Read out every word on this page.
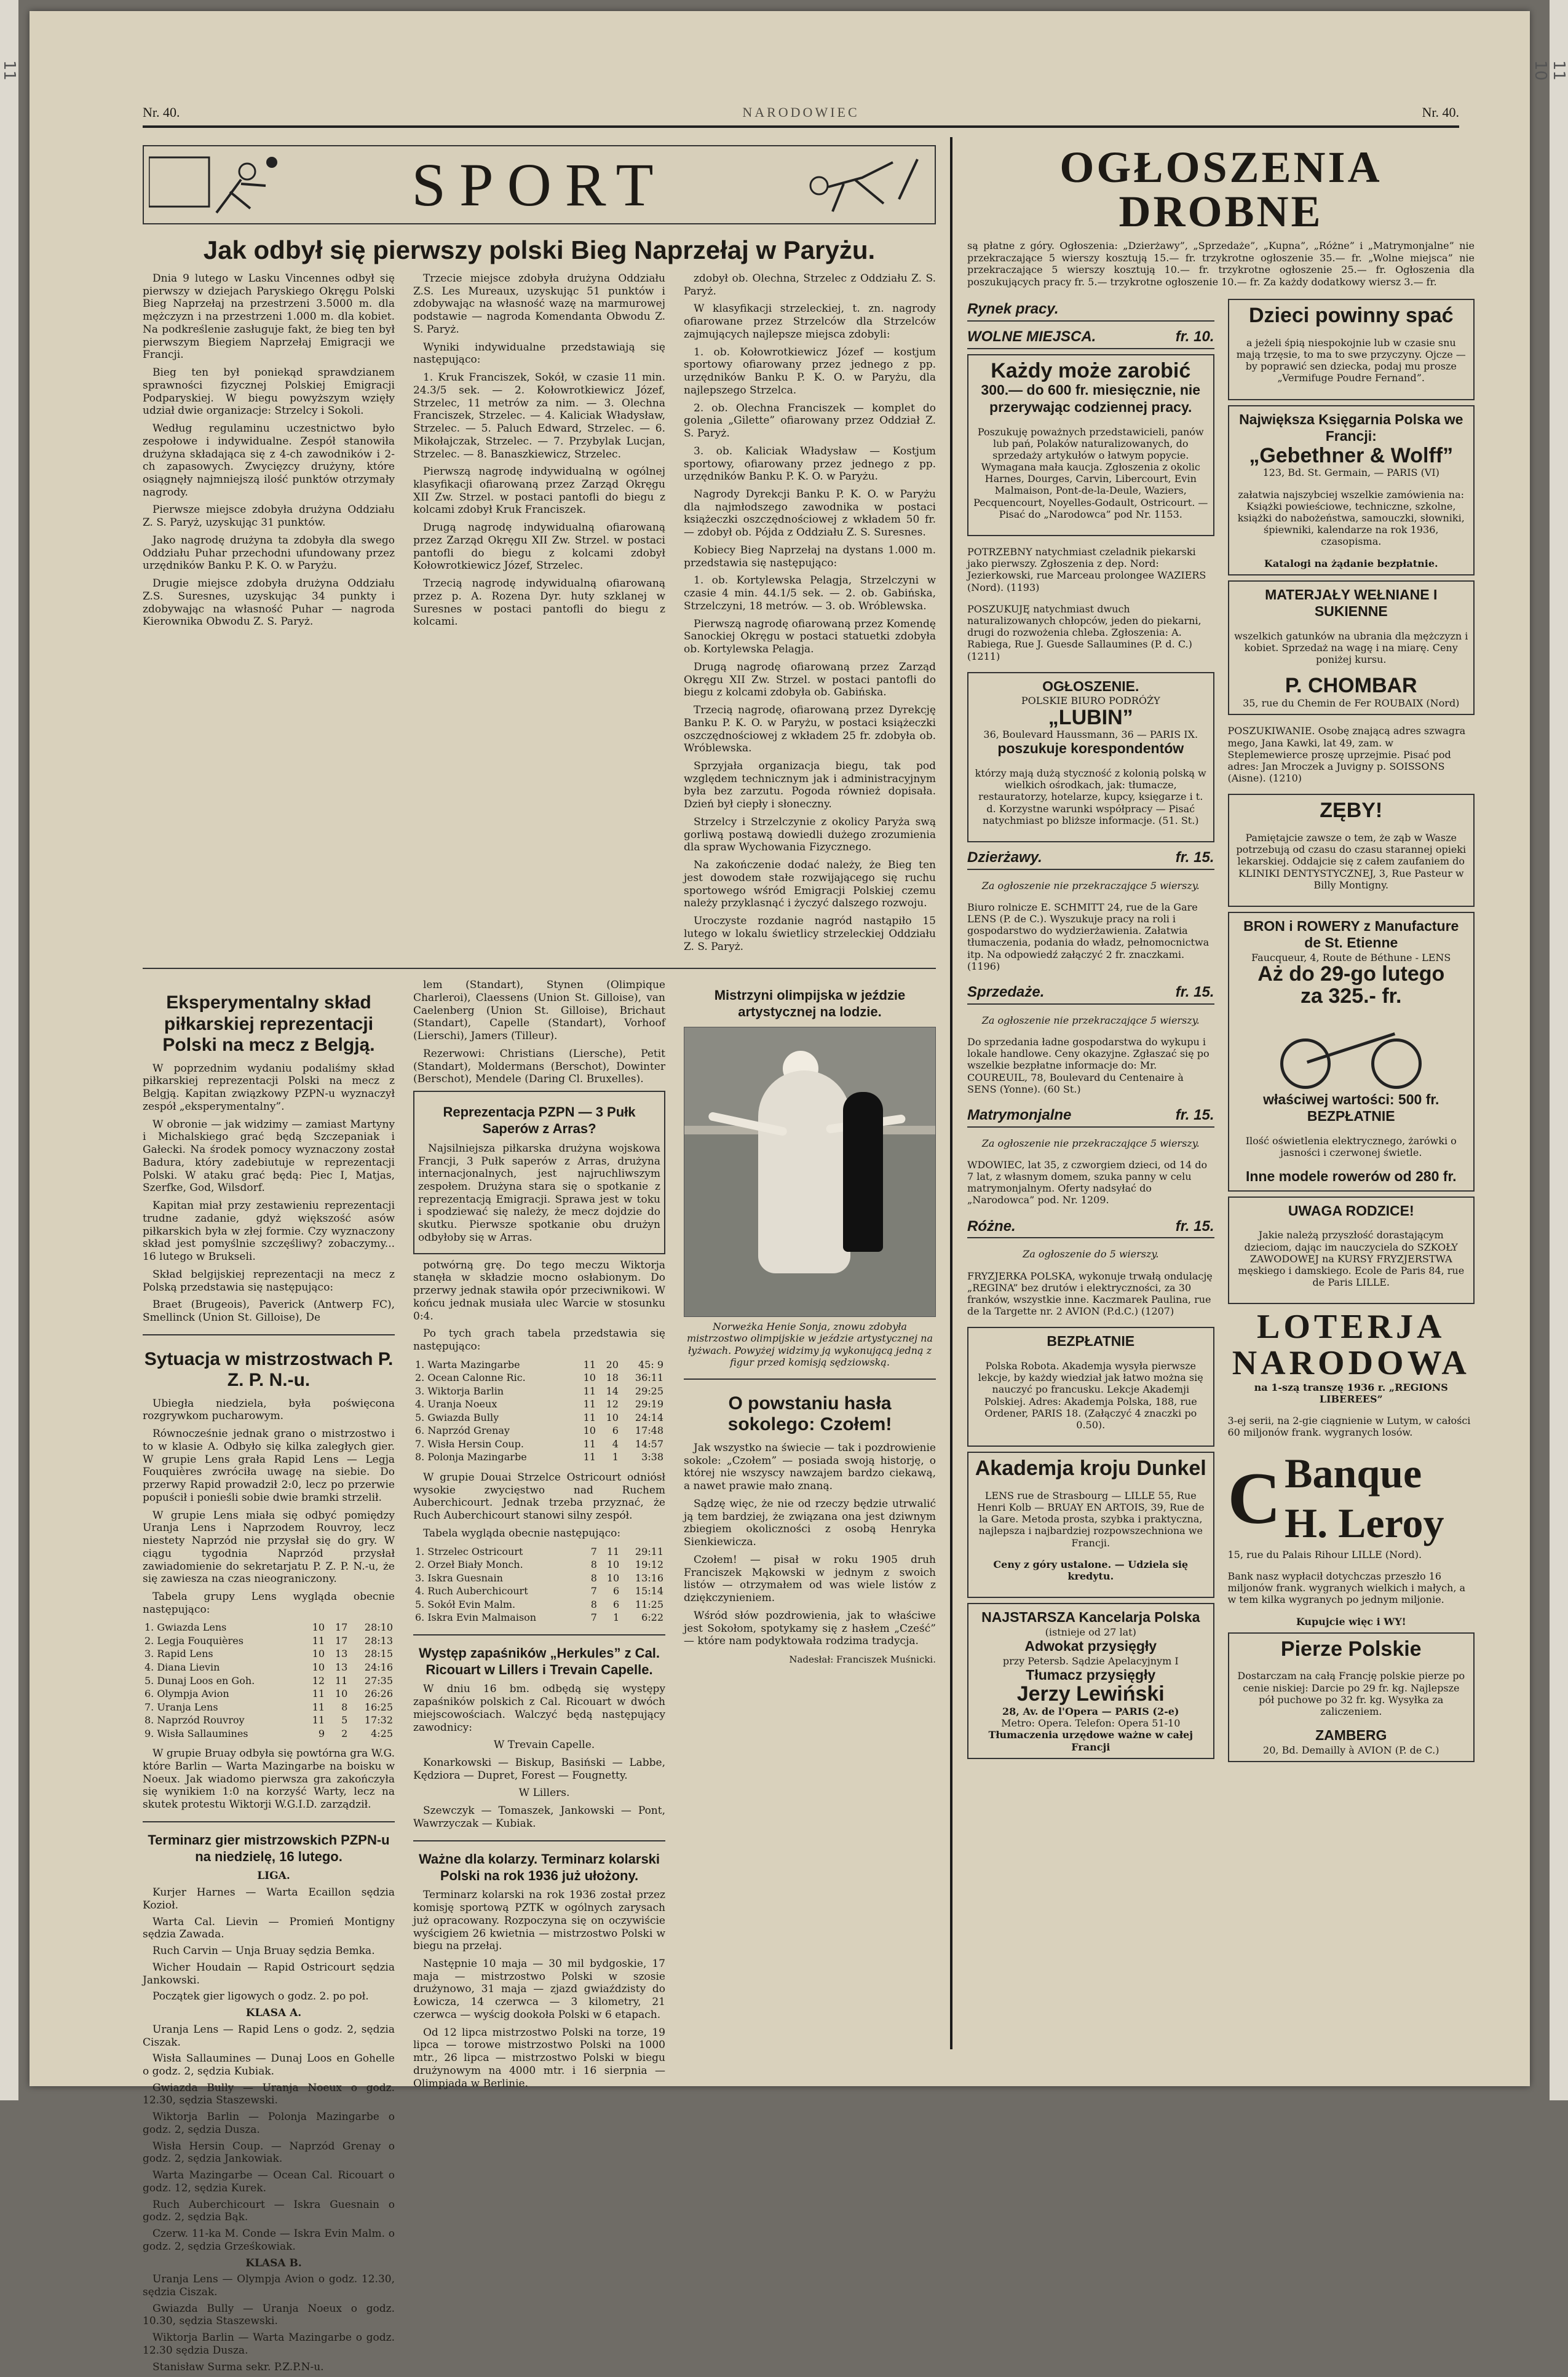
11	11
10
Nr. 40.	NARODOWIEC	Nr. 40.
SPORT
Jak odbył się pierwszy polski Bieg Naprzełaj w Paryżu.

Dnia 9 lutego w Lasku Vincennes odbył się pierwszy w dziejach Paryskiego Okręgu Polski Bieg Naprzełaj na przestrzeni 3.5000 m. dla mężczyzn i na przestrzeni 1.000 m. dla kobiet. Na podkreślenie zasługuje fakt, że bieg ten był pierwszym Biegiem Naprzełaj Emigracji we Francji.

Bieg ten był poniekąd sprawdzianem sprawności fizycznej Polskiej Emigracji Podparyskiej. W biegu powyższym wzięły udział dwie organizacje: Strzelcy i Sokoli.

Według regulaminu uczestnictwo było zespołowe i indywidualne. Zespół stanowiła drużyna składająca się z 4-ch zawodników i 2-ch zapasowych. Zwycięzcy drużyny, które osiągnęły najmniejszą ilość punktów otrzymały nagrody.

Pierwsze miejsce zdobyła drużyna Oddziału Z. S. Paryż, uzyskując 31 punktów.

Jako nagrodę drużyna ta zdobyła dla swego Oddziału Puhar przechodni ufundowany przez urzędników Banku P. K. O. w Paryżu.

Drugie miejsce zdobyła drużyna Oddziału Z.S. Suresnes, uzyskując 34 punkty i zdobywając na własność Puhar — nagroda Kierownika Obwodu Z. S. Paryż.

Trzecie miejsce zdobyła drużyna Oddziału Z.S. Les Mureaux, uzyskując 51 punktów i zdobywając na własność wazę na marmurowej podstawie — nagroda Komendanta Obwodu Z. S. Paryż.

Wyniki indywidualne przedstawiają się następująco:

1. Kruk Franciszek, Sokół, w czasie 11 min. 24.3/5 sek. — 2. Kołowrotkiewicz Józef, Strzelec, 11 metrów za nim. — 3. Olechna Franciszek, Strzelec. — 4. Kaliciak Władysław, Strzelec. — 5. Paluch Edward, Strzelec. — 6. Mikołajczak, Strzelec. — 7. Przybylak Lucjan, Strzelec. — 8. Banaszkiewicz, Strzelec.

Pierwszą nagrodę indywidualną w ogólnej klasyfikacji ofiarowaną przez Zarząd Okręgu XII Zw. Strzel. w postaci pantofli do biegu z kolcami zdobył Kruk Franciszek.

Drugą nagrodę indywidualną ofiarowaną przez Zarząd Okręgu XII Zw. Strzel. w postaci pantofli do biegu z kolcami zdobył Kołowrotkiewicz Józef, Strzelec.

Trzecią nagrodę indywidualną ofiarowaną przez p. A. Rozena Dyr. huty szklanej w Suresnes w postaci pantofli do biegu z kolcami.

zdobył ob. Olechna, Strzelec z Oddziału Z. S. Paryż.

W klasyfikacji strzeleckiej, t. zn. nagrody ofiarowane przez Strzelców dla Strzelców zajmujących najlepsze miejsca zdobyli:

1. ob. Kołowrotkiewicz Józef — kostjum sportowy ofiarowany przez jednego z pp. urzędników Banku P. K. O. w Paryżu, dla najlepszego Strzelca.

2. ob. Olechna Franciszek — komplet do golenia „Gilette” ofiarowany przez Oddział Z. S. Paryż.

3. ob. Kaliciak Władysław — Kostjum sportowy, ofiarowany przez jednego z pp. urzędników Banku P. K. O. w Paryżu.

Nagrody Dyrekcji Banku P. K. O. w Paryżu dla najmłodszego zawodnika w postaci książeczki oszczędnościowej z wkładem 50 fr. — zdobył ob. Pójda z Oddziału Z. S. Suresnes.

Kobiecy Bieg Naprzełaj na dystans 1.000 m. przedstawia się następująco:

1. ob. Kortylewska Pelagja, Strzelczyni w czasie 4 min. 44.1/5 sek. — 2. ob. Gabińska, Strzelczyni, 18 metrów. — 3. ob. Wróblewska.

Pierwszą nagrodę ofiarowaną przez Komendę Sanockiej Okręgu w postaci statuetki zdobyła ob. Kortylewska Pelagja.

Drugą nagrodę ofiarowaną przez Zarząd Okręgu XII Zw. Strzel. w postaci pantofli do biegu z kolcami zdobyła ob. Gabińska.

Trzecią nagrodę, ofiarowaną przez Dyrekcję Banku P. K. O. w Paryżu, w postaci książeczki oszczędnościowej z wkładem 25 fr. zdobyła ob. Wróblewska.

Sprzyjała organizacja biegu, tak pod względem technicznym jak i administracyjnym była bez zarzutu. Pogoda również dopisała. Dzień był ciepły i słoneczny.

Strzelcy i Strzelczynie z okolicy Paryża swą gorliwą postawą dowiedli dużego zrozumienia dla spraw Wychowania Fizycznego.

Na zakończenie dodać należy, że Bieg ten jest dowodem stałe rozwijającego się ruchu sportowego wśród Emigracji Polskiej czemu należy przyklasnąć i życzyć dalszego rozwoju.

Uroczyste rozdanie nagród nastąpiło 15 lutego w lokalu świetlicy strzeleckiej Oddziału Z. S. Paryż.

Eksperymentalny skład piłkarskiej reprezentacji Polski na mecz z Belgją.

W poprzednim wydaniu podaliśmy skład piłkarskiej reprezentacji Polski na mecz z Belgją. Kapitan związkowy PZPN-u wyznaczył zespół „eksperymentalny”.

W obronie — jak widzimy — zamiast Martyny i Michalskiego grać będą Szczepaniak i Gałecki. Na środek pomocy wyznaczony został Badura, który zadebiutuje w reprezentacji Polski. W ataku grać będą: Piec I, Matjas, Szerfke, God, Wilsdorf.

Kapitan miał przy zestawieniu reprezentacji trudne zadanie, gdyż większość asów piłkarskich była w złej formie. Czy wyznaczony skład jest pomyślnie szczęśliwy? zobaczymy... 16 lutego w Brukseli.

Skład belgijskiej reprezentacji na mecz z Polską przedstawia się następująco:

Braet (Brugeois), Paverick (Antwerp FC), Smellinck (Union St. Gilloise), De

Sytuacja w mistrzostwach P. Z. P. N.-u.

Ubiegła niedziela, była poświęcona rozgrywkom pucharowym.

Równocześnie jednak grano o mistrzostwo i to w klasie A. Odbyło się kilka zaległych gier. W grupie Lens grała Rapid Lens — Legja Fouquières zwróciła uwagę na siebie. Do przerwy Rapid prowadził 2:0, lecz po przerwie popuścił i ponieśli sobie dwie bramki strzelił.

W grupie Lens miała się odbyć pomiędzy Uranja Lens i Naprzodem Rouvroy, lecz niestety Naprzód nie przysłał się do gry. W ciągu tygodnia Naprzód przysłał zawiadomienie do sekretarjatu P. Z. P. N.-u, że się zawiesza na czas nieograniczony.

Tabela grupy Lens wygląda obecnie następująco:

1. Gwiazda Lens	10	17	28:10
2. Legja Fouquières	11	17	28:13
3. Rapid Lens	10	13	28:15
4. Diana Lievin	10	13	24:16
5. Dunaj Loos en Goh.	12	11	27:35
6. Olympja Avion	11	10	26:26
7. Uranja Lens	11	8	16:25
8. Naprzód Rouvroy	11	5	17:32
9. Wisła Sallaumines	9	2	4:25

W grupie Bruay odbyła się powtórna gra W.G. które Barlin — Warta Mazingarbe na boisku w Noeux. Jak wiadomo pierwsza gra zakończyła się wynikiem 1:0 na korzyść Warty, lecz na skutek protestu Wiktorji W.G.I.D. zarządził.

Terminarz gier mistrzowskich PZPN-u na niedzielę, 16 lutego.

LIGA.

Kurjer Harnes — Warta Ecaillon sędzia Kozioł.

Warta Cal. Lievin — Promień Montigny sędzia Zawada.

Ruch Carvin — Unja Bruay sędzia Bemka.

Wicher Houdain — Rapid Ostricourt sędzia Jankowski.

Początek gier ligowych o godz. 2. po poł.

KLASA A.

Uranja Lens — Rapid Lens o godz. 2, sędzia Ciszak.

Wisła Sallaumines — Dunaj Loos en Gohelle o godz. 2, sędzia Kubiak.

Gwiazda Bully — Uranja Noeux o godz. 12.30, sędzia Staszewski.

Wiktorja Barlin — Polonja Mazingarbe o godz. 2, sędzia Dusza.

Wisła Hersin Coup. — Naprzód Grenay o godz. 2, sędzia Jankowiak.

Warta Mazingarbe — Ocean Cal. Ricouart o godz. 12, sędzia Kurek.

Ruch Auberchicourt — Iskra Guesnain o godz. 2, sędzia Bąk.

Czerw. 11-ka M. Conde — Iskra Evin Malm. o godz. 2, sędzia Grześkowiak.

KLASA B.

Uranja Lens — Olympja Avion o godz. 12.30, sędzia Ciszak.

Gwiazda Bully — Uranja Noeux o godz. 10.30, sędzia Staszewski.

Wiktorja Barlin — Warta Mazingarbe o godz. 12.30 sędzia Dusza.

Stanisław Surma sekr. P.Z.P.N-u.

lem (Standart), Stynen (Olimpique Charleroi), Claessens (Union St. Gilloise), van Caelenberg (Union St. Gilloise), Brichaut (Standart), Capelle (Standart), Vorhoof (Lierschi), Jamers (Tilleur).

Rezerwowi: Christians (Liersche), Petit (Standart), Moldermans (Berschot), Dowinter (Berschot), Mendele (Daring Cl. Bruxelles).

Reprezentacja PZPN — 3 Pułk Saperów z Arras?

Najsilniejsza piłkarska drużyna wojskowa Francji, 3 Pułk saperów z Arras, drużyna internacjonalnych, jest najruchliwszym zespołem. Drużyna stara się o spotkanie z reprezentacją Emigracji. Sprawa jest w toku i spodziewać się należy, że mecz dojdzie do skutku. Pierwsze spotkanie obu drużyn odbyłoby się w Arras.

potwórną grę. Do tego meczu Wiktorja stanęła w składzie mocno osłabionym. Do przerwy jednak stawiła opór przeciwnikowi. W końcu jednak musiała ulec Warcie w stosunku 0:4.

Po tych grach tabela przedstawia się następująco:

1. Warta Mazingarbe	11	20	45: 9
2. Ocean Calonne Ric.	10	18	36:11
3. Wiktorja Barlin	11	14	29:25
4. Uranja Noeux	11	12	29:19
5. Gwiazda Bully	11	10	24:14
6. Naprzód Grenay	10	6	17:48
7. Wisła Hersin Coup.	11	4	14:57
8. Polonja Mazingarbe	11	1	3:38

W grupie Douai Strzelce Ostricourt odniósł wysokie zwycięstwo nad Ruchem Auberchicourt. Jednak trzeba przyznać, że Ruch Auberchicourt stanowi silny zespół.

Tabela wygląda obecnie następująco:

1. Strzelec Ostricourt	7	11	29:11
2. Orzeł Biały Monch.	8	10	19:12
3. Iskra Guesnain	8	10	13:16
4. Ruch Auberchicourt	7	6	15:14
5. Sokół Evin Malm.	8	6	11:25
6. Iskra Evin Malmaison	7	1	6:22
Występ zapaśników „Herkules” z Cal. Ricouart w Lillers i Trevain Capelle.

W dniu 16 bm. odbędą się występy zapaśników polskich z Cal. Ricouart w dwóch miejscowościach. Walczyć będą następujący zawodnicy:

W Trevain Capelle.

Konarkowski — Biskup, Basiński — Labbe, Kędziora — Dupret, Forest — Fougnetty.

W Lillers.

Szewczyk — Tomaszek, Jankowski — Pont, Wawrzyczak — Kubiak.

Ważne dla kolarzy. Terminarz kolarski Polski na rok 1936 już ułożony.

Terminarz kolarski na rok 1936 został przez komisję sportową PZTK w ogólnych zarysach już opracowany. Rozpoczyna się on oczywiście wyścigiem 26 kwietnia — mistrzostwo Polski w biegu na przełaj.

Następnie 10 maja — 30 mil bydgoskie, 17 maja — mistrzostwo Polski w szosie drużynowo, 31 maja — zjazd gwiaździsty do Łowicza, 14 czerwca — 3 kilometry, 21 czerwca — wyścig dookoła Polski w 6 etapach.

Od 12 lipca mistrzostwo Polski na torze, 19 lipca — torowe mistrzostwo Polski na 1000 mtr., 26 lipca — mistrzostwo Polski w biegu drużynowym na 4000 mtr. i 16 sierpnia — Olimpjada w Berlinie.

Mistrzyni olimpijska w jeździe artystycznej na lodzie.
Norweżka Henie Sonja, znowu zdobyła mistrzostwo olimpijskie w jeździe artystycznej na łyżwach. Powyżej widzimy ją wykonującą jedną z figur przed komisją sędziowską.
O powstaniu hasła sokolego: Czołem!

Jak wszystko na świecie — tak i pozdrowienie sokole: „Czołem” — posiada swoją historję, o której nie wszyscy nawzajem bardzo ciekawą, a nawet prawie mało znaną.

Sądzę więc, że nie od rzeczy będzie utrwalić ją tem bardziej, że związana ona jest dziwnym zbiegiem okoliczności z osobą Henryka Sienkiewicza.

Czołem! — pisał w roku 1905 druh Franciszek Mąkowski w jednym z swoich listów — otrzymałem od was wiele listów z dziękczynieniem.

Wśród słów pozdrowienia, jak to właściwe jest Sokołom, spotykamy się z hasłem „Cześć” — które nam podyktowała rodzima tradycja.

Nadesłał: Franciszek Muśnicki.
OGŁOSZENIA DROBNE
są płatne z góry. Ogłoszenia: „Dzierżawy”, „Sprzedaże”, „Kupna”, „Różne” i „Matrymonjalne” nie przekraczające 5 wierszy kosztują 15.— fr. trzykrotne ogłoszenie 35.— fr. „Wolne miejsca” nie przekraczające 5 wierszy kosztują 10.— fr. trzykrotne ogłoszenie 25.— fr. Ogłoszenia dla poszukujących pracy fr. 5.— trzykrotne ogłoszenie 10.— fr. Za każdy dodatkowy wiersz 3.— fr.
Rynek pracy.
WOLNE MIEJSCA.	fr. 10.
Każdy może zarobić
300.— do 600 fr. miesięcznie, nie przerywając codziennej pracy.

Poszukuję poważnych przedstawicieli, panów lub pań, Polaków naturalizowanych, do sprzedaży artykułów o łatwym popycie. Wymagana mała kaucja. Zgłoszenia z okolic Harnes, Dourges, Carvin, Libercourt, Evin Malmaison, Pont-de-la-Deule, Waziers, Pecquencourt, Noyelles-Godault, Ostricourt. — Pisać do „Narodowca” pod Nr. 1153.

POTRZEBNY natychmiast czeladnik piekarski jako pierwszy. Zgłoszenia z dep. Nord: Jezierkowski, rue Marceau prolongee WAZIERS (Nord). (1193)

POSZUKUJĘ natychmiast dwuch naturalizowanych chłopców, jeden do piekarni, drugi do rozwożenia chleba. Zgłoszenia: A. Rabiega, Rue J. Guesde Sallaumines (P. d. C.) (1211)

OGŁOSZENIE.
POLSKIE BIURO PODRÓŻY
„LUBIN”
36, Boulevard Haussmann, 36 — PARIS IX.
poszukuje korespondentów

którzy mają dużą styczność z kolonią polską w wielkich ośrodkach, jak: tłumacze, restauratorzy, hotelarze, kupcy, księgarze i t. d. Korzystne warunki współpracy — Pisać natychmiast po bliższe informacje. (51. St.)

Dzierżawy.	fr. 15.

Za ogłoszenie nie przekraczające 5 wierszy.

Biuro rolnicze E. SCHMITT 24, rue de la Gare LENS (P. de C.). Wyszukuje pracy na roli i gospodarstwo do wydzierżawienia. Załatwia tłumaczenia, podania do władz, pełnomocnictwa itp. Na odpowiedź załączyć 2 fr. znaczkami. (1196)

Sprzedaże.	fr. 15.

Za ogłoszenie nie przekraczające 5 wierszy.

Do sprzedania ładne gospodarstwa do wykupu i lokale handlowe. Ceny okazyjne. Zgłaszać się po wszelkie bezpłatne informacje do: Mr. COUREUIL, 78, Boulevard du Centenaire à SENS (Yonne). (60 St.)

Matrymonjalne	fr. 15.

Za ogłoszenie nie przekraczające 5 wierszy.

WDOWIEC, lat 35, z czworgiem dzieci, od 14 do 7 lat, z własnym domem, szuka panny w celu matrymonjalnym. Oferty nadsyłać do „Narodowca” pod. Nr. 1209.

Różne.	fr. 15.

Za ogłoszenie do 5 wierszy.

FRYZJERKA POLSKA, wykonuje trwałą ondulację „REGINA” bez drutów i elektryczności, za 30 franków, wszystkie inne. Kaczmarek Paulina, rue de la Targette nr. 2 AVION (P.d.C.) (1207)

BEZPŁATNIE

Polska Robota. Akademja wysyła pierwsze lekcje, by każdy wiedział jak łatwo można się nauczyć po francusku. Lekcje Akademji Polskiej. Adres: Akademja Polska, 188, rue Ordener, PARIS 18. (Załączyć 4 znaczki po 0.50).

Akademja kroju Dunkel

LENS rue de Strasbourg — LILLE 55, Rue Henri Kolb — BRUAY EN ARTOIS, 39, Rue de la Gare. Metoda prosta, szybka i praktyczna, najlepsza i najbardziej rozpowszechniona we Francji.

Ceny z góry ustalone. — Udziela się kredytu.

NAJSTARSZA Kancelarja Polska
(istnieje od 27 lat)
Adwokat przysięgły
przy Petersb. Sądzie Apelacyjnym I
Tłumacz przysięgły
Jerzy Lewiński
28, Av. de l'Opera — PARIS (2-e)
Metro: Opera. Telefon: Opera 51-10
Tłumaczenia urzędowe ważne w całej Francji
Dzieci powinny spać

a jeżeli śpią niespokojnie lub w czasie snu mają trzęsie, to ma to swe przyczyny. Ojcze — by poprawić sen dziecka, podaj mu prosze „Vermifuge Poudre Fernand”.

Największa Księgarnia Polska we Francji:
„Gebethner & Wolff”
123, Bd. St. Germain, — PARIS (VI)

załatwia najszybciej wszelkie zamówienia na: Książki powieściowe, techniczne, szkolne, książki do nabożeństwa, samouczki, słowniki, śpiewniki, kalendarze na rok 1936, czasopisma.

Katalogi na żądanie bezpłatnie.
MATERJAŁY WEŁNIANE I SUKIENNE

wszelkich gatunków na ubrania dla mężczyzn i kobiet. Sprzedaż na wagę i na miarę. Ceny poniżej kursu.

P. CHOMBAR
35, rue du Chemin de Fer ROUBAIX (Nord)

POSZUKIWANIE. Osobę znającą adres szwagra mego, Jana Kawki, lat 49, zam. w Steplemewierce proszę uprzejmie. Pisać pod adres: Jan Mroczek a Juvigny p. SOISSONS (Aisne). (1210)

ZĘBY!

Pamiętajcie zawsze o tem, że ząb w Wasze potrzebują od czasu do czasu starannej opieki lekarskiej. Oddajcie się z całem zaufaniem do KLINIKI DENTYSTYCZNEJ, 3, Rue Pasteur w Billy Montigny.

BRON i ROWERY z Manufacture de St. Etienne
Faucqueur, 4, Route de Béthune - LENS
Aż do 29-go lutego
za 325.- fr.
właściwej wartości: 500 fr.
BEZPŁATNIE

Ilość oświetlenia elektrycznego, żarówki o jasności i czerwonej świetle.

Inne modele rowerów od 280 fr.
UWAGA RODZICE!

Jakie należą przyszłość dorastającym dzieciom, dając im nauczyciela do SZKOŁY ZAWODOWEJ na KURSY FRYZJERSTWA męskiego i damskiego. Ecole de Paris 84, rue de Paris LILLE.

LOTERJA NARODOWA
na 1-szą transzę 1936 r. „REGIONS LIBEREES”

3-ej serii, na 2-gie ciągnienie w Lutym, w całości 60 miljonów frank. wygranych losów.

C Banque H. Leroy
15, rue du Palais Rihour LILLE (Nord).

Bank nasz wypłacił dotychczas przeszło 16 miljonów frank. wygranych wielkich i małych, a w tem kilka wygranych po jednym miljonie.

Kupujcie więc i WY!
Pierze Polskie

Dostarczam na całą Francję polskie pierze po cenie niskiej: Darcie po 29 fr. kg. Najlepsze pół puchowe po 32 fr. kg. Wysyłka za zaliczeniem.

ZAMBERG
20, Bd. Demailly à AVION (P. de C.)
